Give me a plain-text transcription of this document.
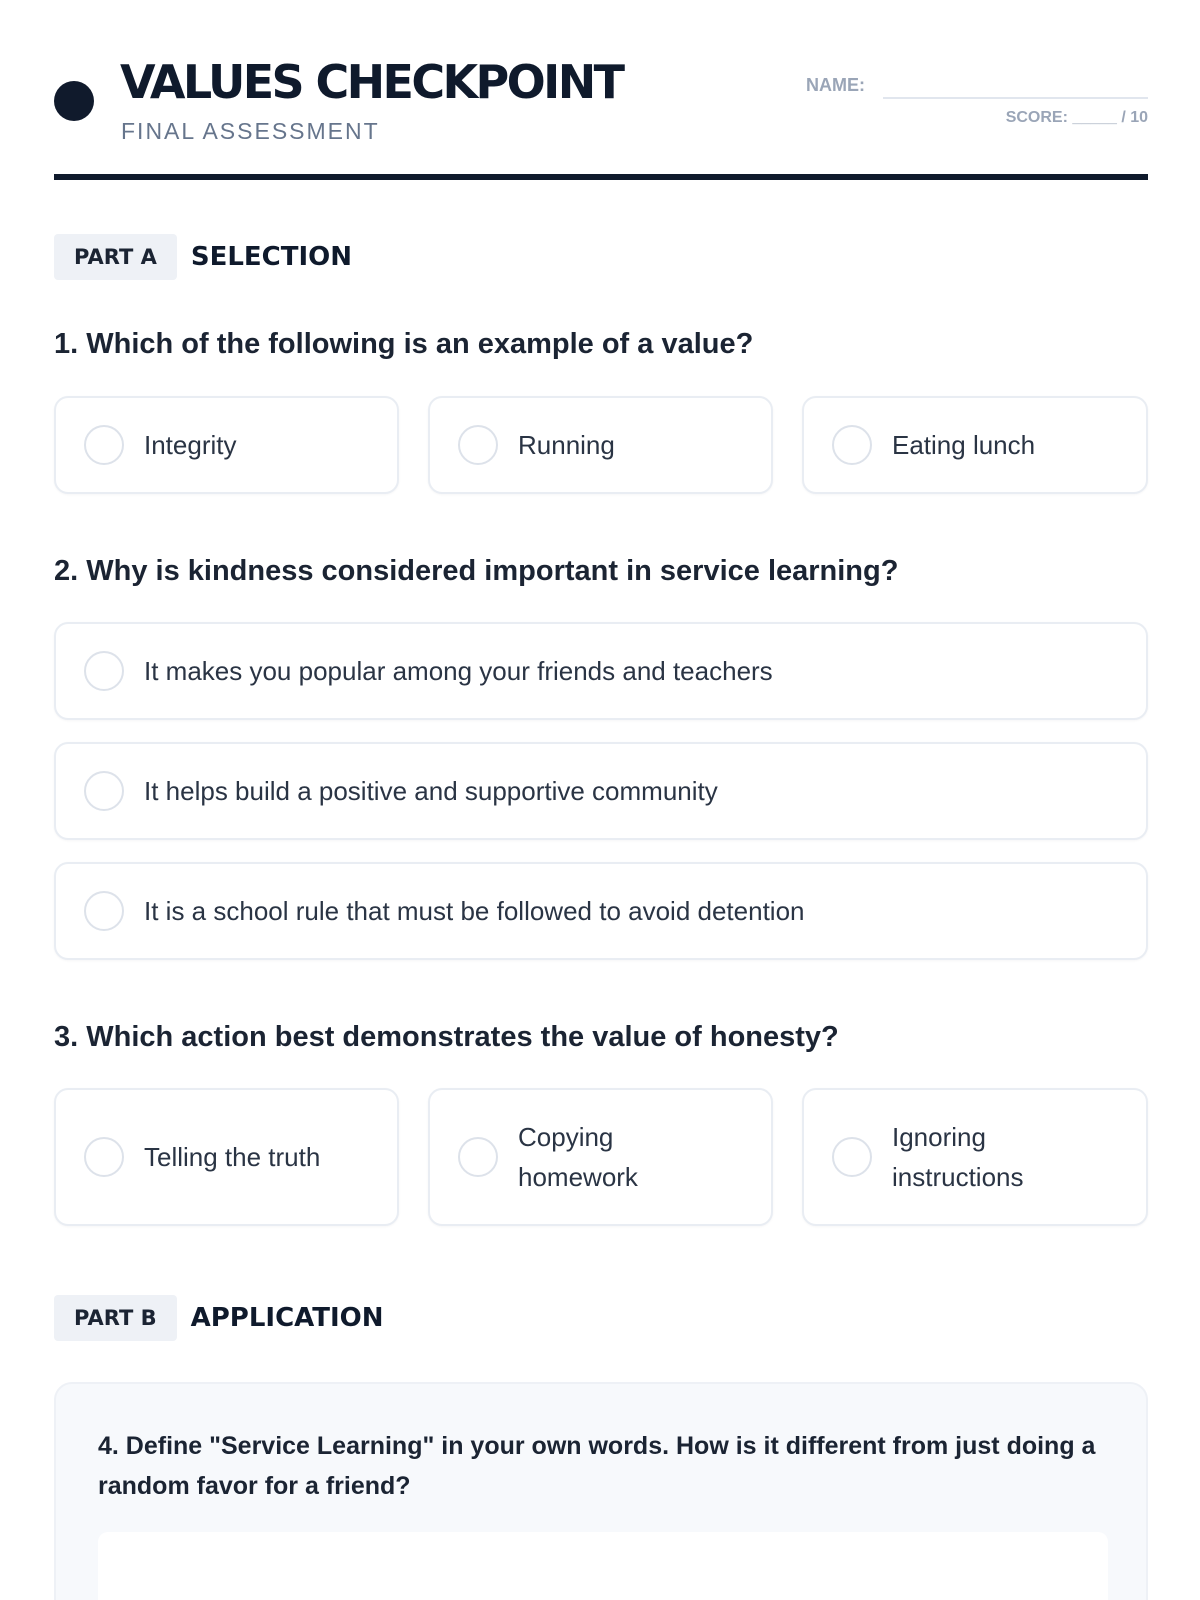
VALUES CHECKPOINT
FINAL ASSESSMENT
NAME:
SCORE: _____ / 10
PART A	SELECTION
1. Which of the following is an example of a value?
Integrity	Running	Eating lunch
2. Why is kindness considered important in service learning?
It makes you popular among your friends and teachers
It helps build a positive and supportive community
It is a school rule that must be followed to avoid detention
3. Which action best demonstrates the value of honesty?
Telling the truth
Copying homework
Ignoring instructions
PART B	APPLICATION
4. Define "Service Learning" in your own words. How is it different from just doing a random favor for a friend?
